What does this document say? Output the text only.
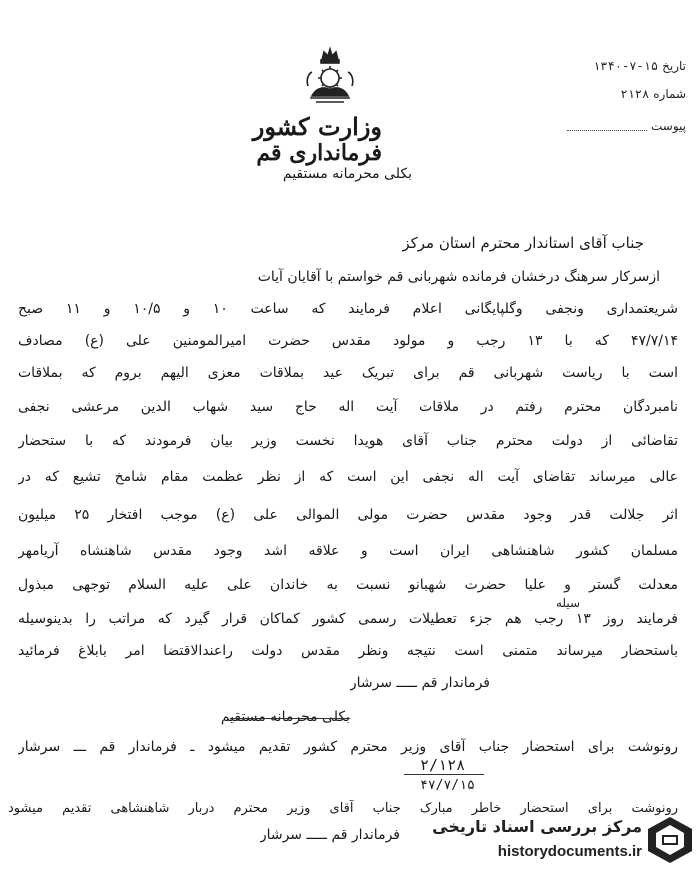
وزارت کشور
فرمانداری قم
بکلی محرمانه مستقیم
تاریخ
۱۳۴۰-۷-۱۵
شماره
۲۱۲۸
پیوست
جناب آقای استاندار محترم استان مرکز
ازسرکار سرهنگ درخشان فرمانده شهربانی قم خواستم با آقایان آیات
شریعتمداری ونجفی وگلپایگانی اعلام فرمایند که ساعت ۱۰ و ۱۰/۵ و ۱۱ صبح
۴۷/۷/۱۴ که با ۱۳ رجب و مولود مقدس حضرت امیرالمومنین علی (ع) مصادف
است با ریاست شهربانی قم برای تبریک عید بملاقات معزی الیهم بروم که بملاقات
نامبردگان محترم رفتم در ملاقات آیت اله حاج سید شهاب الدین مرعشی نجفی
تقاضائی از دولت محترم جناب آقای هویدا نخست وزیر بیان فرمودند که با ستحضار
عالی میرساند تقاضای آیت اله نجفی این است که از نظر عظمت مقام شامخ تشیع که در
اثر جلالت قدر وجود مقدس حضرت مولی الموالی علی (ع) موجب افتخار ۲۵ میلیون
مسلمان کشور شاهنشاهی ایران است و علاقه اشد وجود مقدس شاهنشاه آریامهر
معدلت گستر و علیا حضرت شهبانو نسبت به خاندان علی علیه السلام توجهی مبذول
فرمایند روز ۱۳ رجب هم جزء تعطیلات رسمی کشور کماکان قرار گیرد که مراتب را بدینوسیله
باستحضار میرساند متمنی است نتیجه ونظر مقدس دولت راعندالاقتضا امر بابلاغ فرمائید
فرماندار قم ـــــ سرشار
سیله
بکلی محرمانه مستقیم
رونوشت برای استحضار جناب آقای وزیر محترم کشور تقدیم میشود ـ فرماندار قم ـــ سرشار
۲/۱۲۸
۴۷/۷/۱۵
رونوشت برای استحضار خاطر مبارک جناب آقای وزیر محترم دربار شاهنشاهی تقدیم میشود
فرماندار قم ـــــ سرشار مرکز بررسی اسناد تاریخی
historydocuments.ir
